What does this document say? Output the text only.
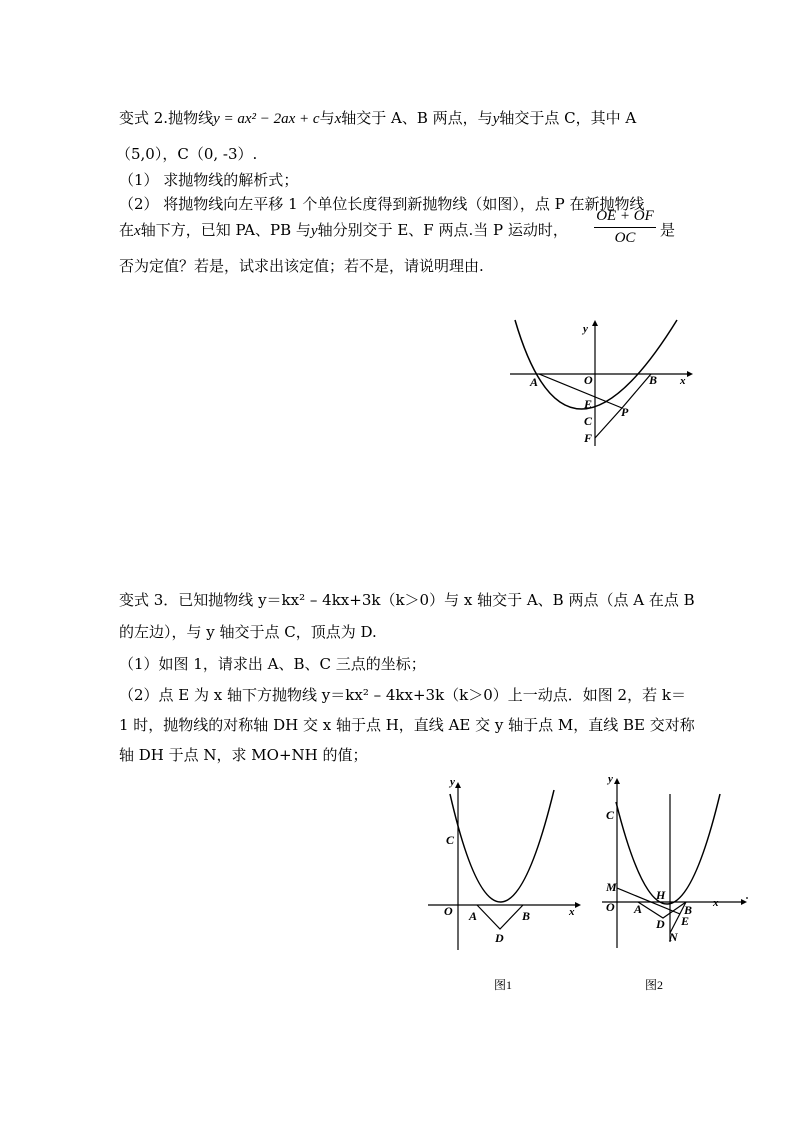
变式 2.抛物线y = ax² − 2ax + c与x轴交于 A、B 两点，与y轴交于点 C，其中 A
（5,0），C（0, -3）.
（1） 求抛物线的解析式；
（2） 将抛物线向左平移 1 个单位长度得到新抛物线（如图），点 P 在新抛物线
在x轴下方，已知 PA、PB 与y轴分别交于 E、F 两点.当 P 运动时， $\frac{OE + OF}{OC}$ 是
否为定值？若是，试求出该定值；若不是，请说明理由.
y
x
A	O	B
E
P
C
F
变式 3．已知抛物线 y＝kx² – 4kx+3k（k＞0）与 x 轴交于 A、B 两点（点 A 在点 B
的左边），与 y 轴交于点 C，顶点为 D.
（1）如图 1，请求出 A、B、C 三点的坐标；
（2）点 E 为 x 轴下方抛物线 y＝kx² – 4kx+3k（k＞0）上一动点．如图 2，若 k＝
1 时，抛物线的对称轴 DH 交 x 轴于点 H，直线 AE 交 y 轴于点 M，直线 BE 交对称
轴 DH 于点 N，求 MO+NH 的值；
y
C
O A	B	x
D
图1
y
C
M
H
O A	B x
D E
N
图2
